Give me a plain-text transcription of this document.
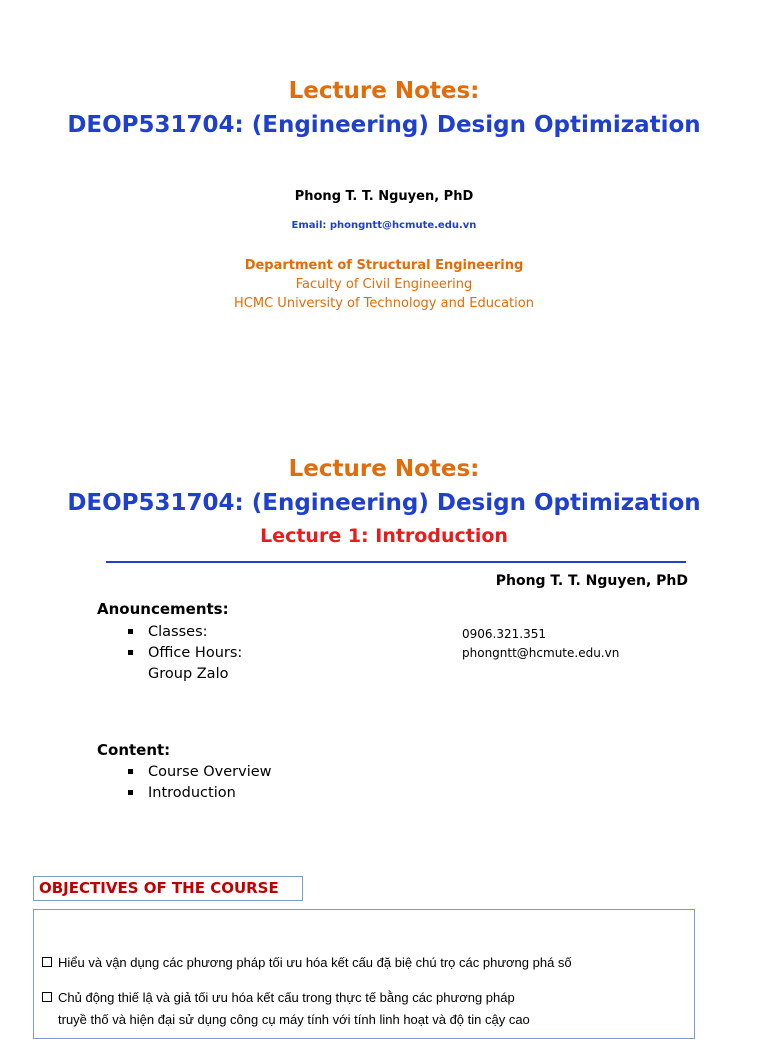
Lecture Notes:
DEOP531704: (Engineering) Design Optimization
Phong T. T. Nguyen, PhD
Email: phongntt@hcmute.edu.vn
Department of Structural Engineering
Faculty of Civil Engineering
HCMC University of Technology and Education
Lecture Notes:
DEOP531704: (Engineering) Design Optimization
Lecture 1: Introduction
Phong T. T. Nguyen, PhD
Anouncements:
Classes:
Office Hours:
Group Zalo
0906.321.351
phongntt@hcmute.edu.vn
Content:
Course Overview
Introduction
OBJECTIVES OF THE COURSE
Hiểu và vận dụng các phương pháp tối ưu hóa kết cấu đặ biệ chú trọ các phương phá số
Chủ động thiế lậ và giả tối ưu hóa kết cấu trong thực tế bằng các phương pháp
truyề thố và hiện đại sử dụng công cụ máy tính với tính linh hoạt và độ tin cậy cao
